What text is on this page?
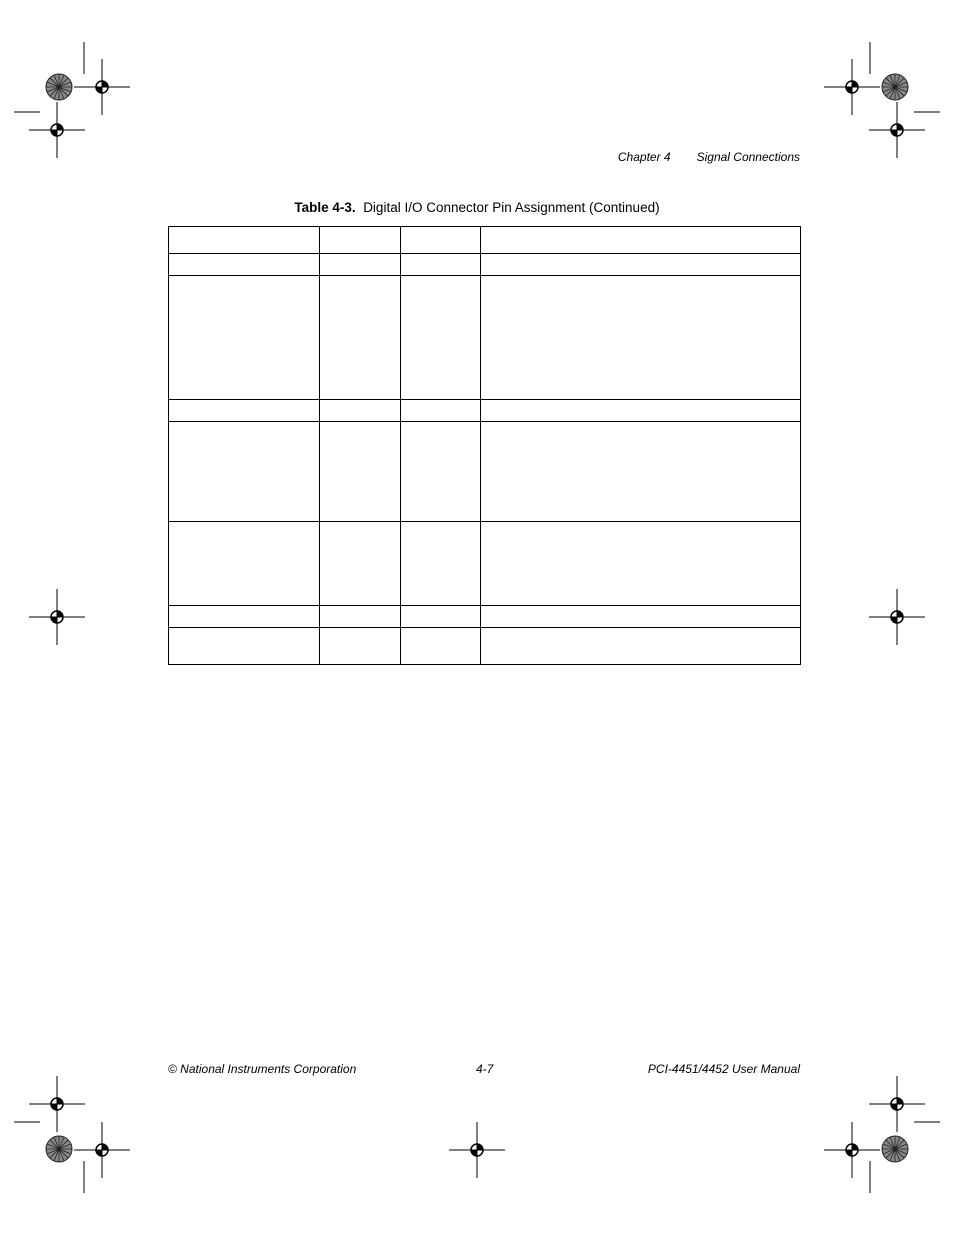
Chapter 4 Signal Connections
Table 4-3. Digital I/O Connector Pin Assignment (Continued)

© National Instruments Corporation	4-7	PCI-4451/4452 User Manual
